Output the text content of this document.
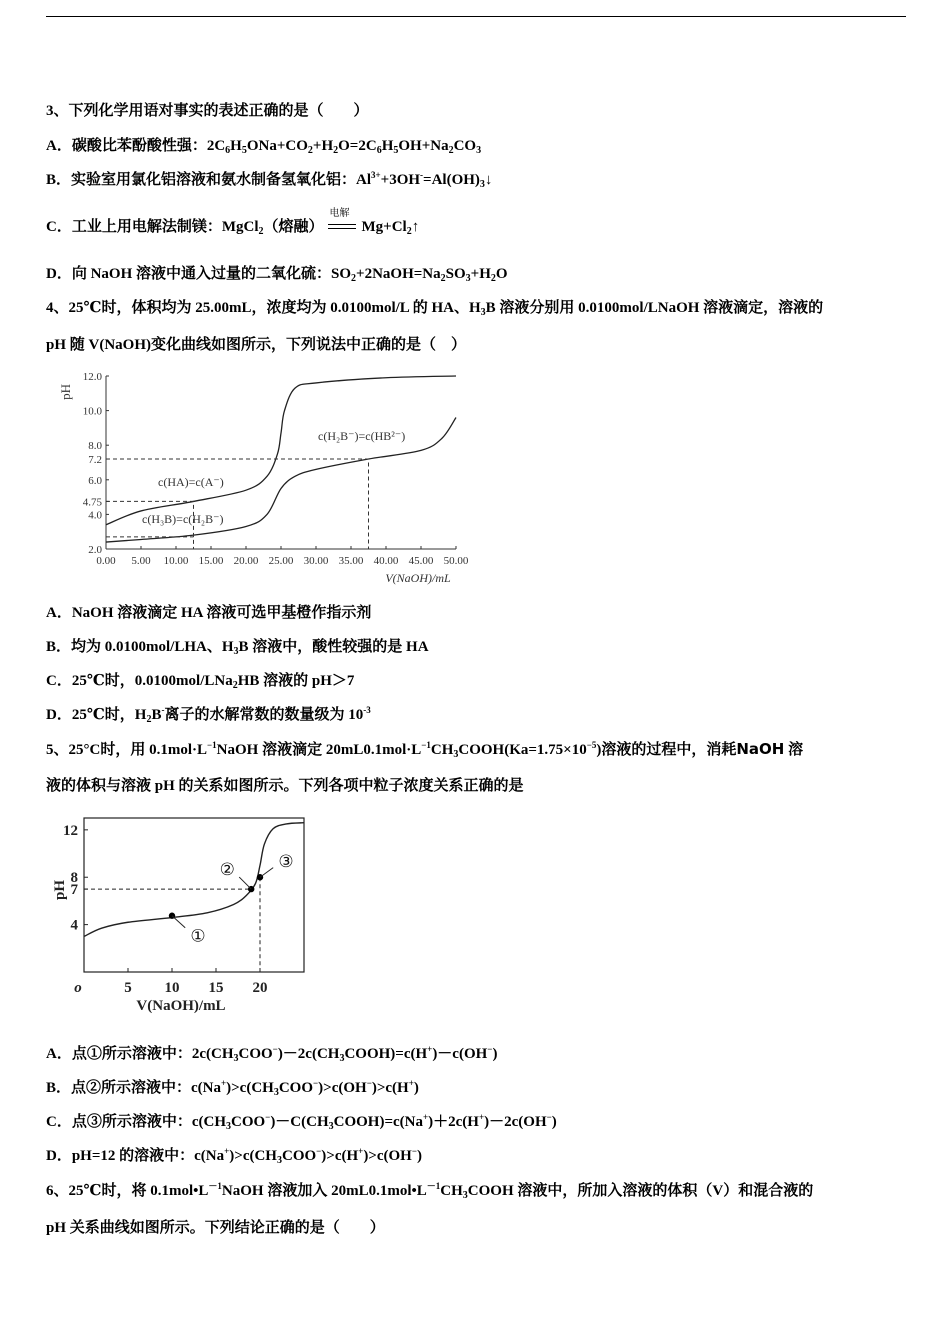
3、下列化学用语对事实的表述正确的是（　　）
A．碳酸比苯酚酸性强：$2C_6H_5ONa+CO_2+H_2O=2C_6H_5OH+Na_2CO_3$
B．实验室用氯化铝溶液和氨水制备氢氧化铝：$Al^{3+}+3OH^-=Al(OH)_3↓$
C．工业上用电解法制镁：MgCl$_2$（熔融）
电解
$Mg+Cl_2↑$
D．向 NaOH 溶液中通入过量的二氧化硫：$SO_2+2NaOH=Na_2SO_3+H_2O$
4、25℃时，体积均为 25.00mL，浓度均为 0.0100mol/L 的 HA、$H_3B$ 溶液分别用 0.0100mol/LNaOH 溶液滴定，溶液的
pH 随 V(NaOH)变化曲线如图所示，下列说法中正确的是（　）
0.00 5.00 10.00 15.00 20.00 25.00 30.00 35.00 40.00 45.00 50.00
2.0
4.0
4.75
6.0
7.2
8.0
10.0
12.0
pH
V(NaOH)/mL
c(HA)=c(A⁻)
c(H₃B)=c(H₂B⁻)
c(H₂B⁻)=c(HB²⁻)
A．NaOH 溶液滴定 HA 溶液可选甲基橙作指示剂
B．均为 0.0100mol/LHA、$H_3B$ 溶液中，酸性较强的是 HA
C．25℃时，0.0100mol/LNa$_2$HB 溶液的 pH＞7
D．25℃时，$H_2B^-$离子的水解常数的数量级为 $10^{-3}$
5、25°C时，用 $0.1mol\cdot L^{-1}NaOH$ 溶液滴定 $20mL0.1mol\cdot L^{-1}CH_3COOH(Ka=1.75\times 10^{-5})$溶液的过程中，消耗NaOH 溶
液的体积与溶液 pH 的关系如图所示。下列各项中粒子浓度关系正确的是
o	5 10 15 20
4
7
8
12
pH
V(NaOH)/mL
①
②	③
A．点①所示溶液中：$2c(CH_3COO^-)-2c(CH_3COOH)=c(H^+)-c(OH^-)$
B．点②所示溶液中：$c(Na^+)>c(CH_3COO^-)>c(OH^-)>c(H^+)$
C．点③所示溶液中：$c(CH_3COO^-)-C(CH_3COOH)=c(Na^+)+2c(H^+)-2c(OH^-)$
D．pH=12 的溶液中：$c(Na^+)>c(CH_3COO^-)>c(H^+)>c(OH^-)$
6、25℃时，将 $0.1mol•L^{-1}NaOH$ 溶液加入 $20mL0.1mol•L^{-1}CH_3COOH$ 溶液中，所加入溶液的体积（V）和混合液的
pH 关系曲线如图所示。下列结论正确的是（　　）
